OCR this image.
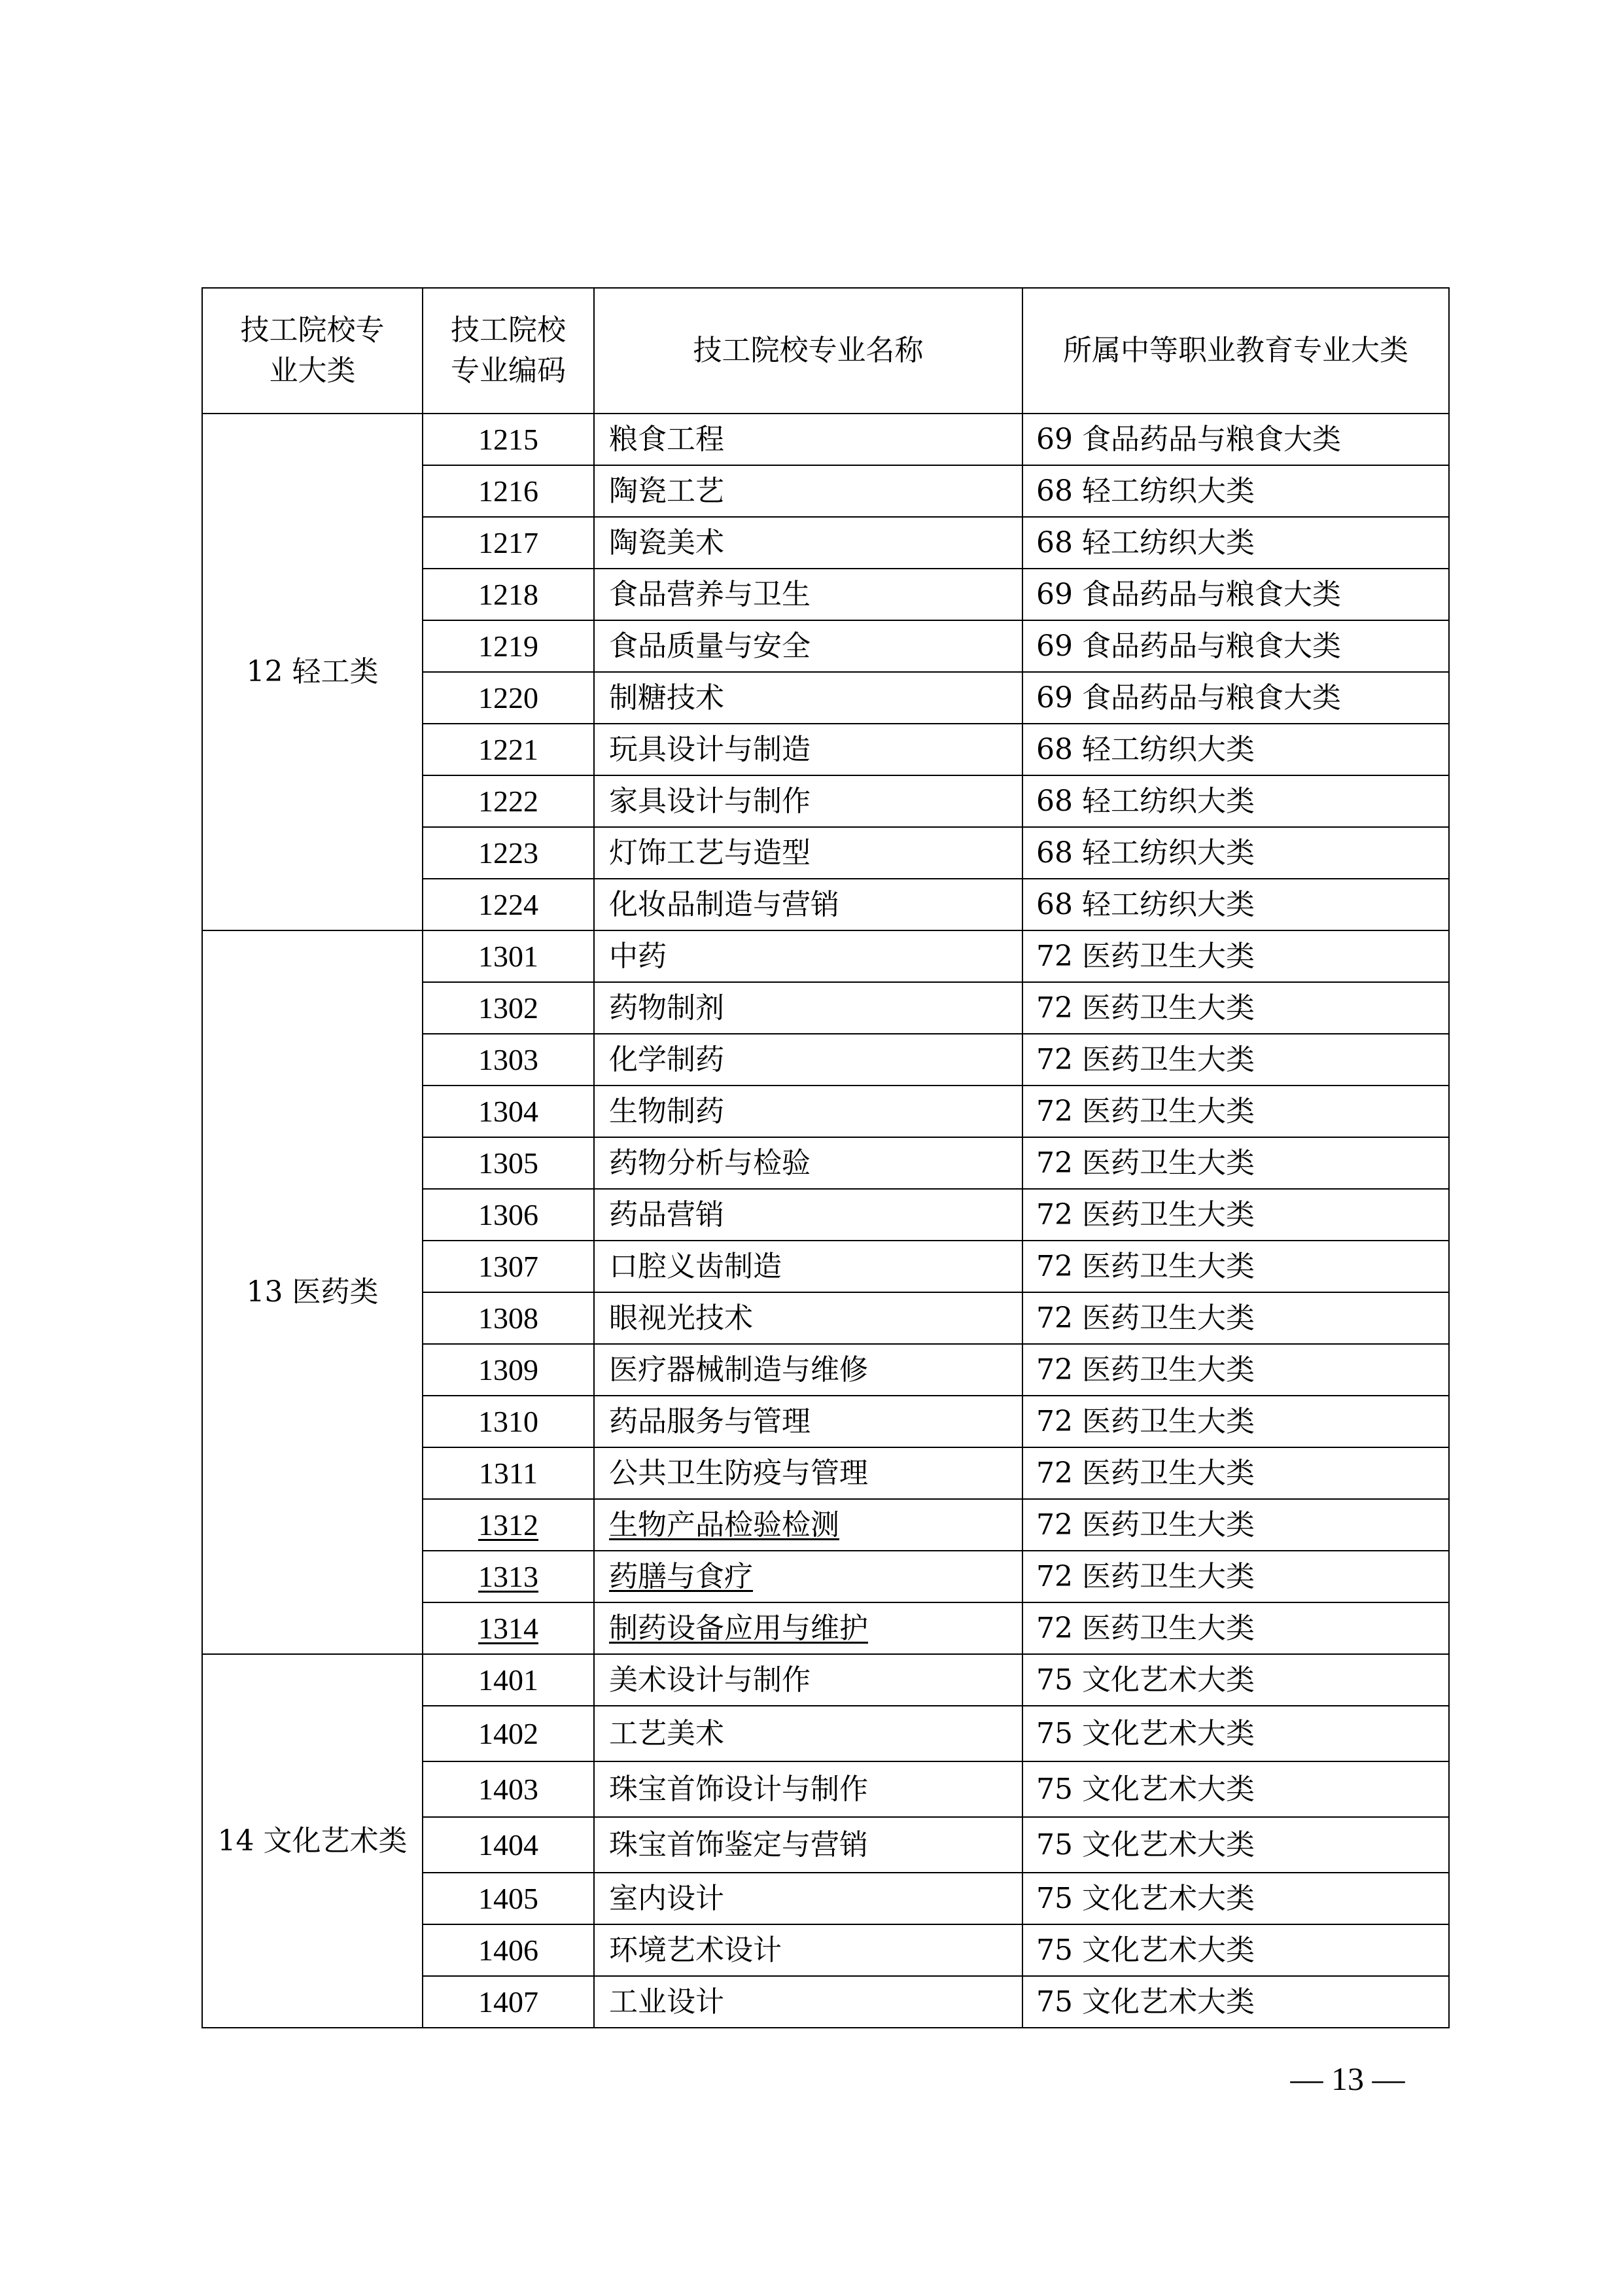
技工院校专
业大类	技工院校
专业编码	技工院校专业名称	所属中等职业教育专业大类
12 轻工类	1215	粮食工程	69 食品药品与粮食大类
	1216	陶瓷工艺	68 轻工纺织大类
	1217	陶瓷美术	68 轻工纺织大类
	1218	食品营养与卫生	69 食品药品与粮食大类
	1219	食品质量与安全	69 食品药品与粮食大类
	1220	制糖技术	69 食品药品与粮食大类
	1221	玩具设计与制造	68 轻工纺织大类
	1222	家具设计与制作	68 轻工纺织大类
	1223	灯饰工艺与造型	68 轻工纺织大类
	1224	化妆品制造与营销	68 轻工纺织大类
13 医药类	1301	中药	72 医药卫生大类
	1302	药物制剂	72 医药卫生大类
	1303	化学制药	72 医药卫生大类
	1304	生物制药	72 医药卫生大类
	1305	药物分析与检验	72 医药卫生大类
	1306	药品营销	72 医药卫生大类
	1307	口腔义齿制造	72 医药卫生大类
	1308	眼视光技术	72 医药卫生大类
	1309	医疗器械制造与维修	72 医药卫生大类
	1310	药品服务与管理	72 医药卫生大类
	1311	公共卫生防疫与管理	72 医药卫生大类
	1312	生物产品检验检测	72 医药卫生大类
	1313	药膳与食疗	72 医药卫生大类
	1314	制药设备应用与维护	72 医药卫生大类
14 文化艺术类	1401	美术设计与制作	75 文化艺术大类
	1402	工艺美术	75 文化艺术大类
	1403	珠宝首饰设计与制作	75 文化艺术大类
	1404	珠宝首饰鉴定与营销	75 文化艺术大类
	1405	室内设计	75 文化艺术大类
	1406	环境艺术设计	75 文化艺术大类
	1407	工业设计	75 文化艺术大类
— 13 —
